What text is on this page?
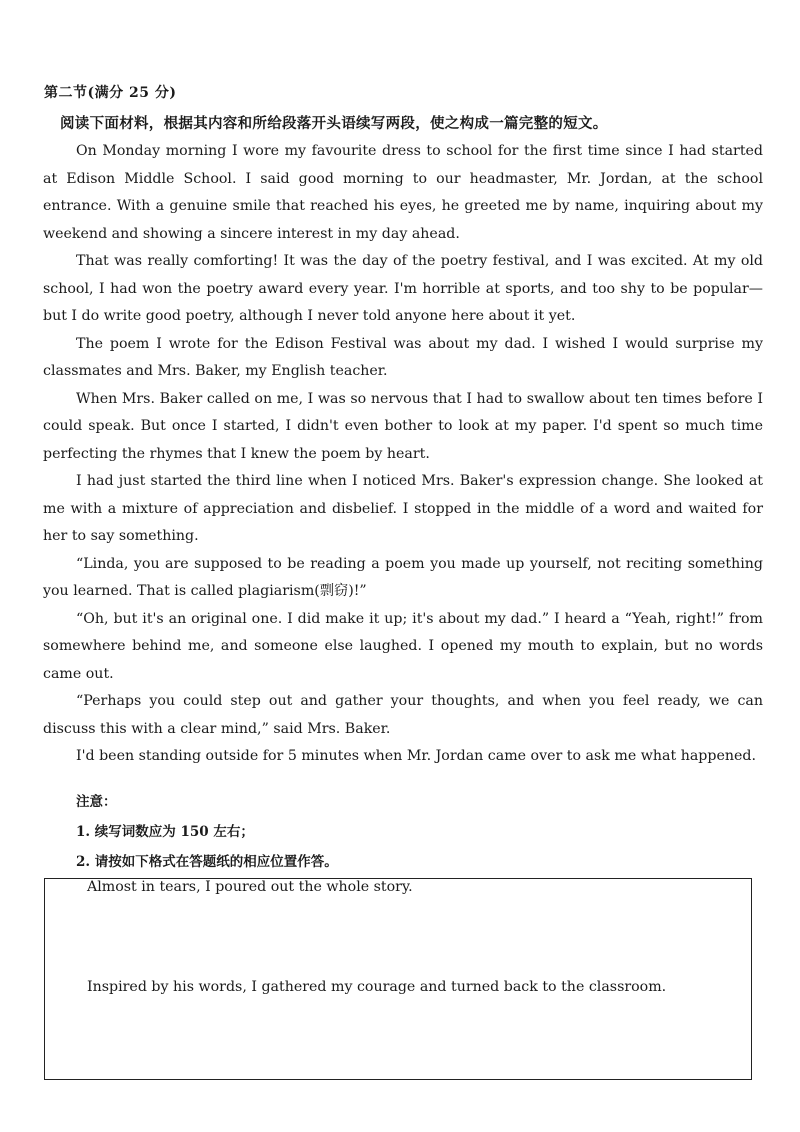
第二节(满分 25 分)
阅读下面材料，根据其内容和所给段落开头语续写两段，使之构成一篇完整的短文。

On Monday morning I wore my favourite dress to school for the first time since I had started at Edison Middle School. I said good morning to our headmaster, Mr. Jordan, at the school entrance. With a genuine smile that reached his eyes, he greeted me by name, inquiring about my weekend and showing a sincere interest in my day ahead.

That was really comforting! It was the day of the poetry festival, and I was excited. At my old school, I had won the poetry award every year. I'm horrible at sports, and too shy to be popular—but I do write good poetry, although I never told anyone here about it yet.

The poem I wrote for the Edison Festival was about my dad. I wished I would surprise my classmates and Mrs. Baker, my English teacher.

When Mrs. Baker called on me, I was so nervous that I had to swallow about ten times before I could speak. But once I started, I didn't even bother to look at my paper. I'd spent so much time perfecting the rhymes that I knew the poem by heart.

I had just started the third line when I noticed Mrs. Baker's expression change. She looked at me with a mixture of appreciation and disbelief. I stopped in the middle of a word and waited for her to say something.

“Linda, you are supposed to be reading a poem you made up yourself, not reciting something you learned. That is called plagiarism(剽窃)!”

“Oh, but it's an original one. I did make it up; it's about my dad.” I heard a “Yeah, right!” from somewhere behind me, and someone else laughed. I opened my mouth to explain, but no words came out.

“Perhaps you could step out and gather your thoughts, and when you feel ready, we can discuss this with a clear mind,” said Mrs. Baker.

I'd been standing outside for 5 minutes when Mr. Jordan came over to ask me what happened.

注意：
1. 续写词数应为 150 左右；
2. 请按如下格式在答题纸的相应位置作答。
Almost in tears, I poured out the whole story.
Inspired by his words, I gathered my courage and turned back to the classroom.
